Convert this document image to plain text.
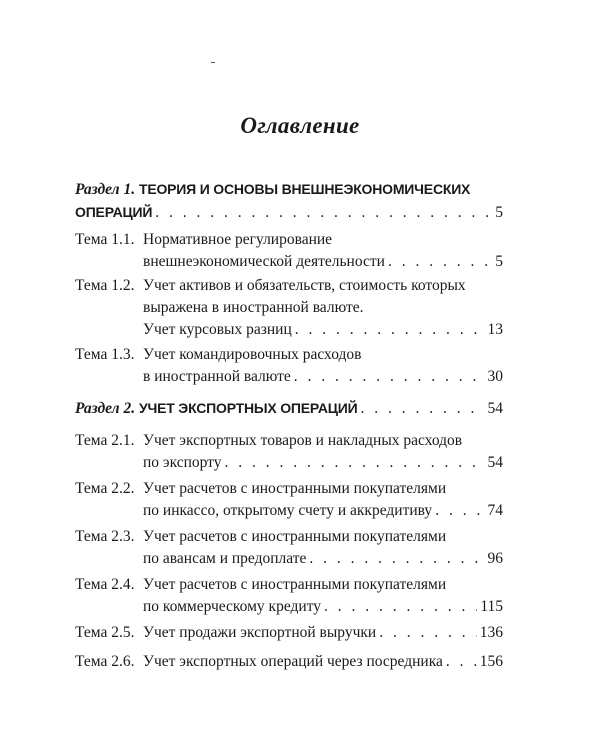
Оглавление
Раздел 1.
ТЕОРИЯ И ОСНОВЫ ВНЕШНЕЭКОНОМИЧЕСКИХ
ОПЕРАЦИЙ . . .	5
Тема 1.1. Нормативное регулирование
внешнеэкономической деятельности . . .	5
Тема 1.2. Учет активов и обязательств, стоимость которых
выражена в иностранной валюте.
Учет курсовых разниц . . .	13
Тема 1.3. Учет командировочных расходов
в иностранной валюте . . .	30
Раздел 2.
УЧЕТ ЭКСПОРТНЫХ ОПЕРАЦИЙ . . .	54
Тема 2.1. Учет экспортных товаров и накладных расходов
по экспорту . . .	54
Тема 2.2. Учет расчетов с иностранными покупателями
по инкассо, открытому счету и аккредитиву . . .	74
Тема 2.3. Учет расчетов с иностранными покупателями
по авансам и предоплате . . .	96
Тема 2.4. Учет расчетов с иностранными покупателями
по коммерческому кредиту . . .	115
Тема 2.5. Учет продажи экспортной выручки . . .	136
Тема 2.6. Учет экспортных операций через посредника . . . 156
